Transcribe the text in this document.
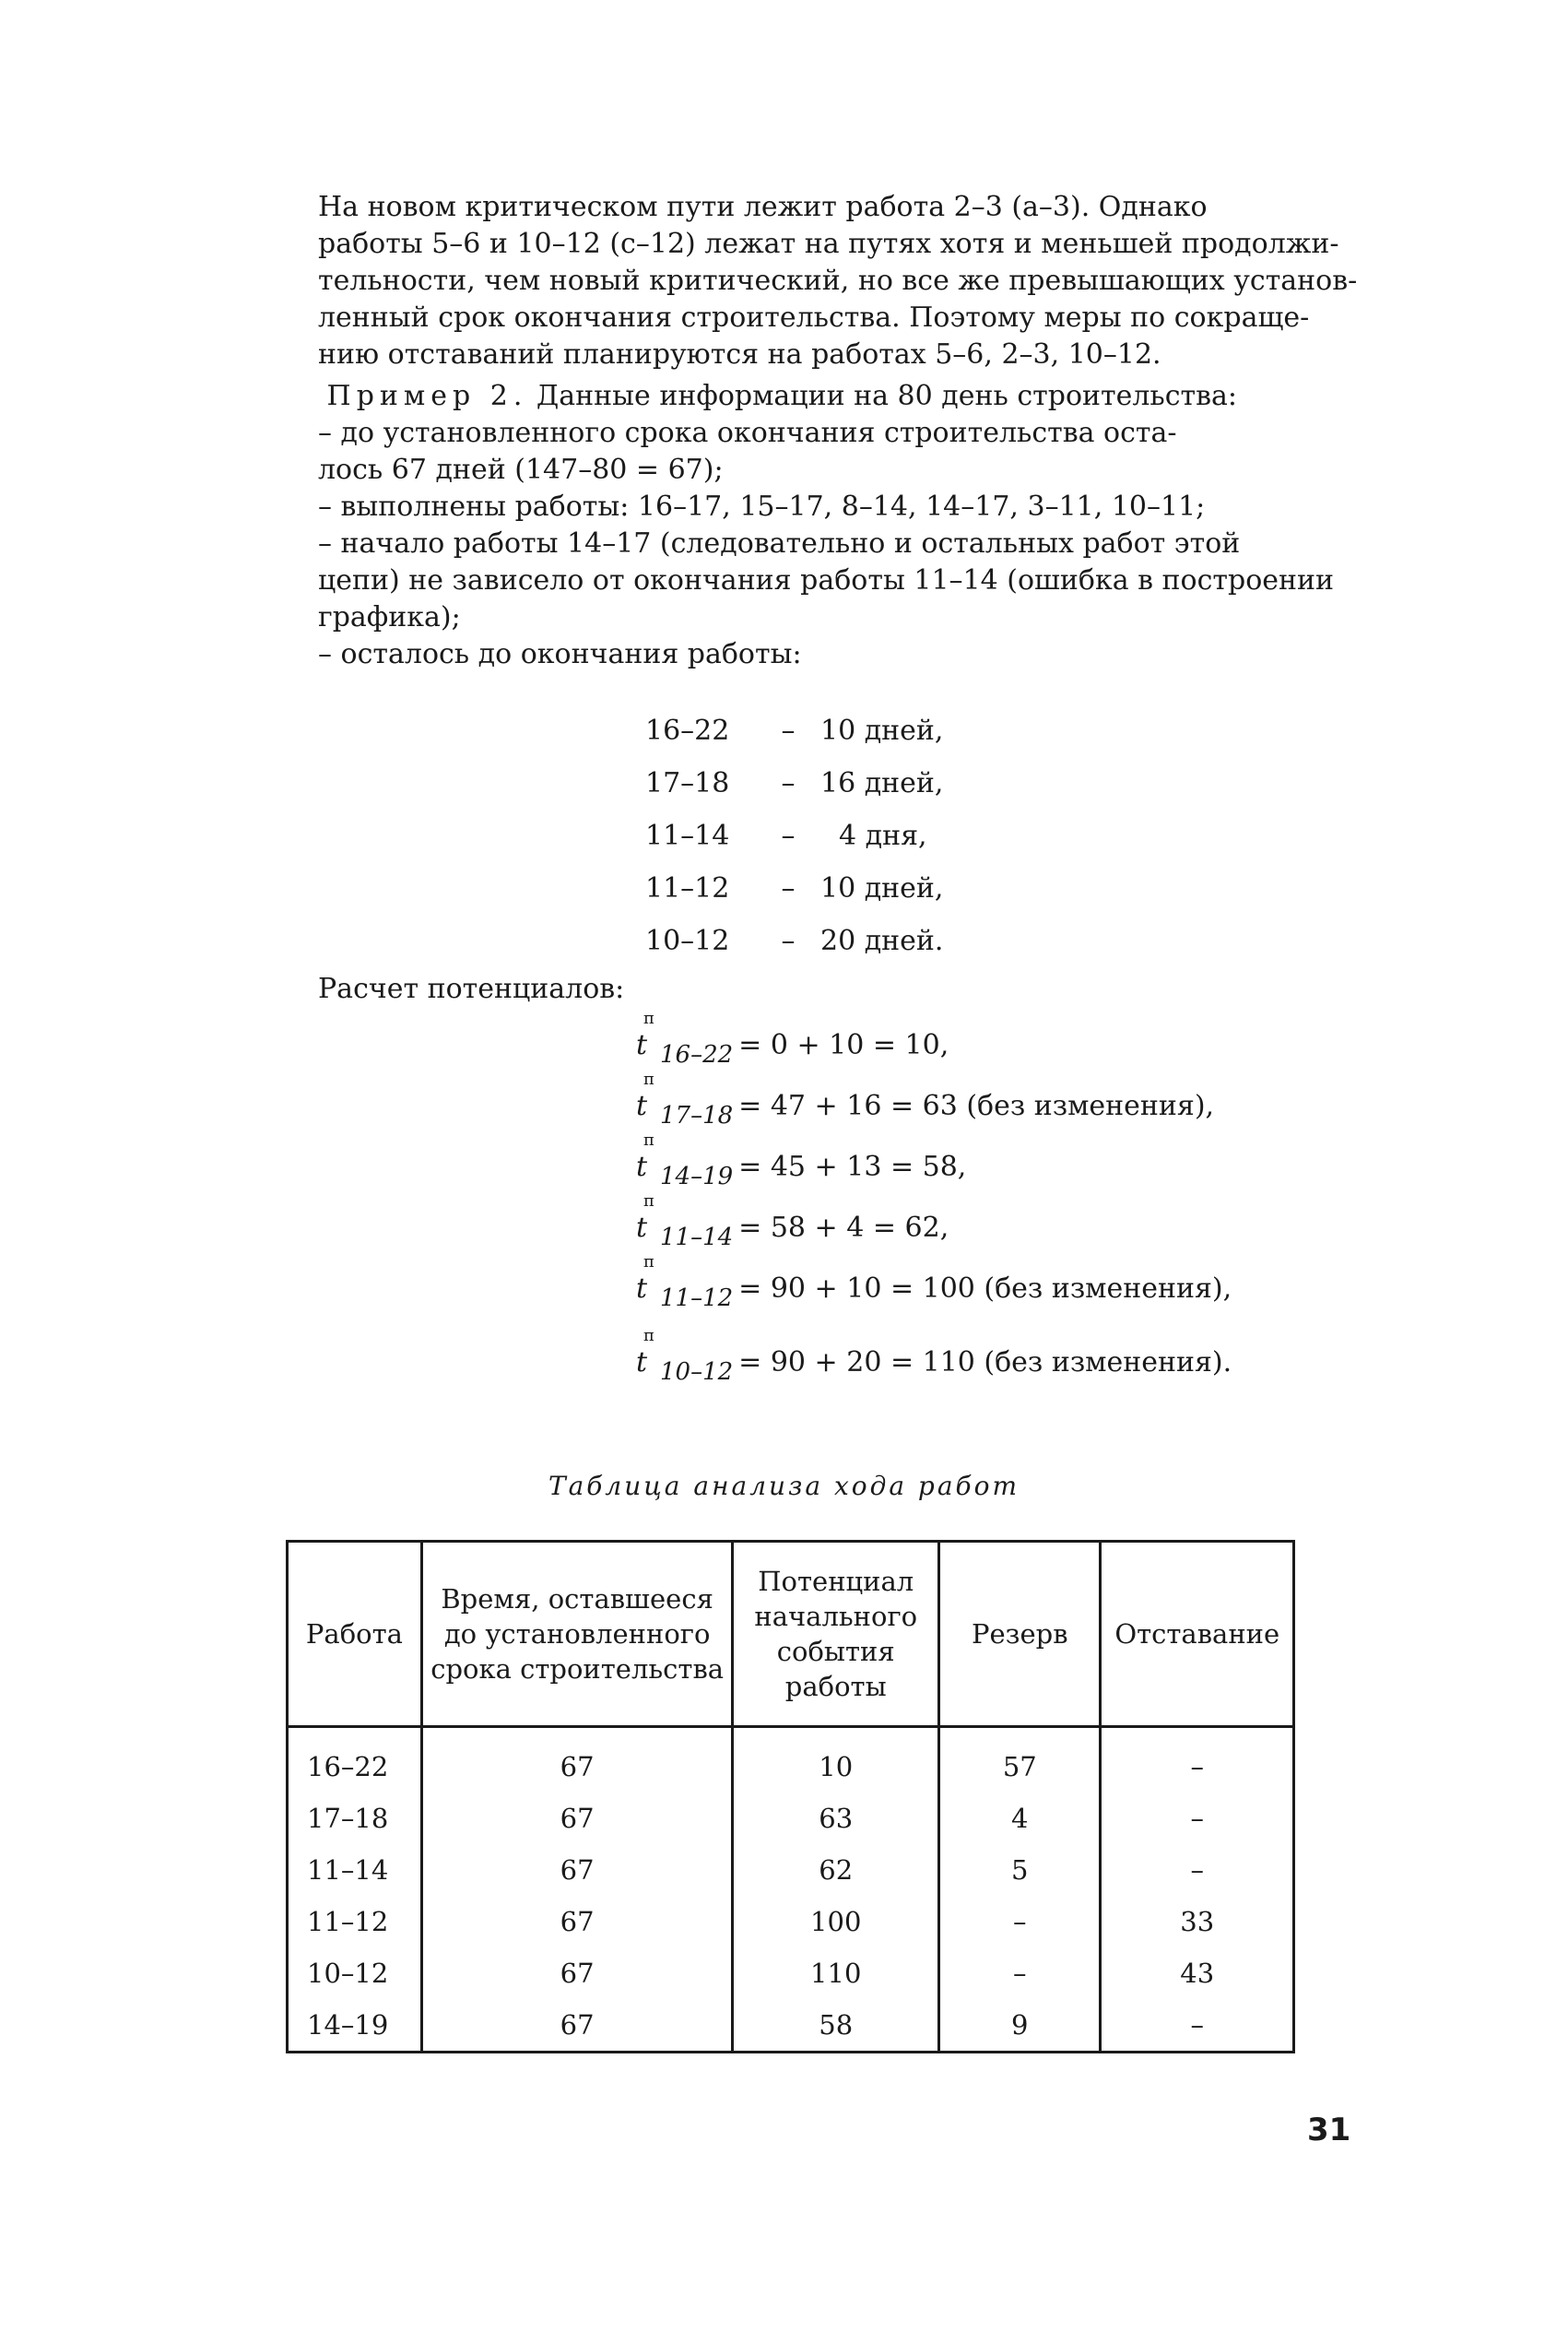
На новом критическом пути лежит работа 2–3 (а–3). Однако
работы 5–6 и 10–12 (с–12) лежат на путях хотя и меньшей продолжи-
тельности, чем новый критический, но все же превышающих установ-
ленный срок окончания строительства. Поэтому меры по сокраще-
нию отставаний планируются на работах 5–6, 2–3, 10–12.
Пример 2. Данные информации на 80 день строительства:
– до установленного срока окончания строительства оста-
лось 67 дней (147–80 = 67);
– выполнены работы: 16–17, 15–17, 8–14, 14–17, 3–11, 10–11;
– начало работы 14–17 (следовательно и остальных работ этой
цепи) не зависело от окончания работы 11–14 (ошибка в построении
графика);
– осталось до окончания работы:
16–22	– 10 дней,
17–18	– 16 дней,
11–14	–	4 дня,
11–12	– 10 дней,
10–12	– 20 дней.
Расчет потенциалов:
t
п
16–22 = 0 + 10 = 10,
t
п
17–18 = 47 + 16 = 63 (без изменения),
t
п
14–19 = 45 + 13 = 58,
t
п
11–14 = 58 + 4 = 62,
t
п
11–12 = 90 + 10 = 100 (без изменения),
t
п
10–12 = 90 + 20 = 110 (без изменения).
Таблица анализа хода работ
Работа	Время, оставшееся до установленного срока строительства	Потенциал начального события работы	Резерв	Отставание
16–22	67	10	57	–
17–18	67	63	4	–
11–14	67	62	5	–
11–12	67	100	–	33
10–12	67	110	–	43
14–19	67	58	9	–
31
